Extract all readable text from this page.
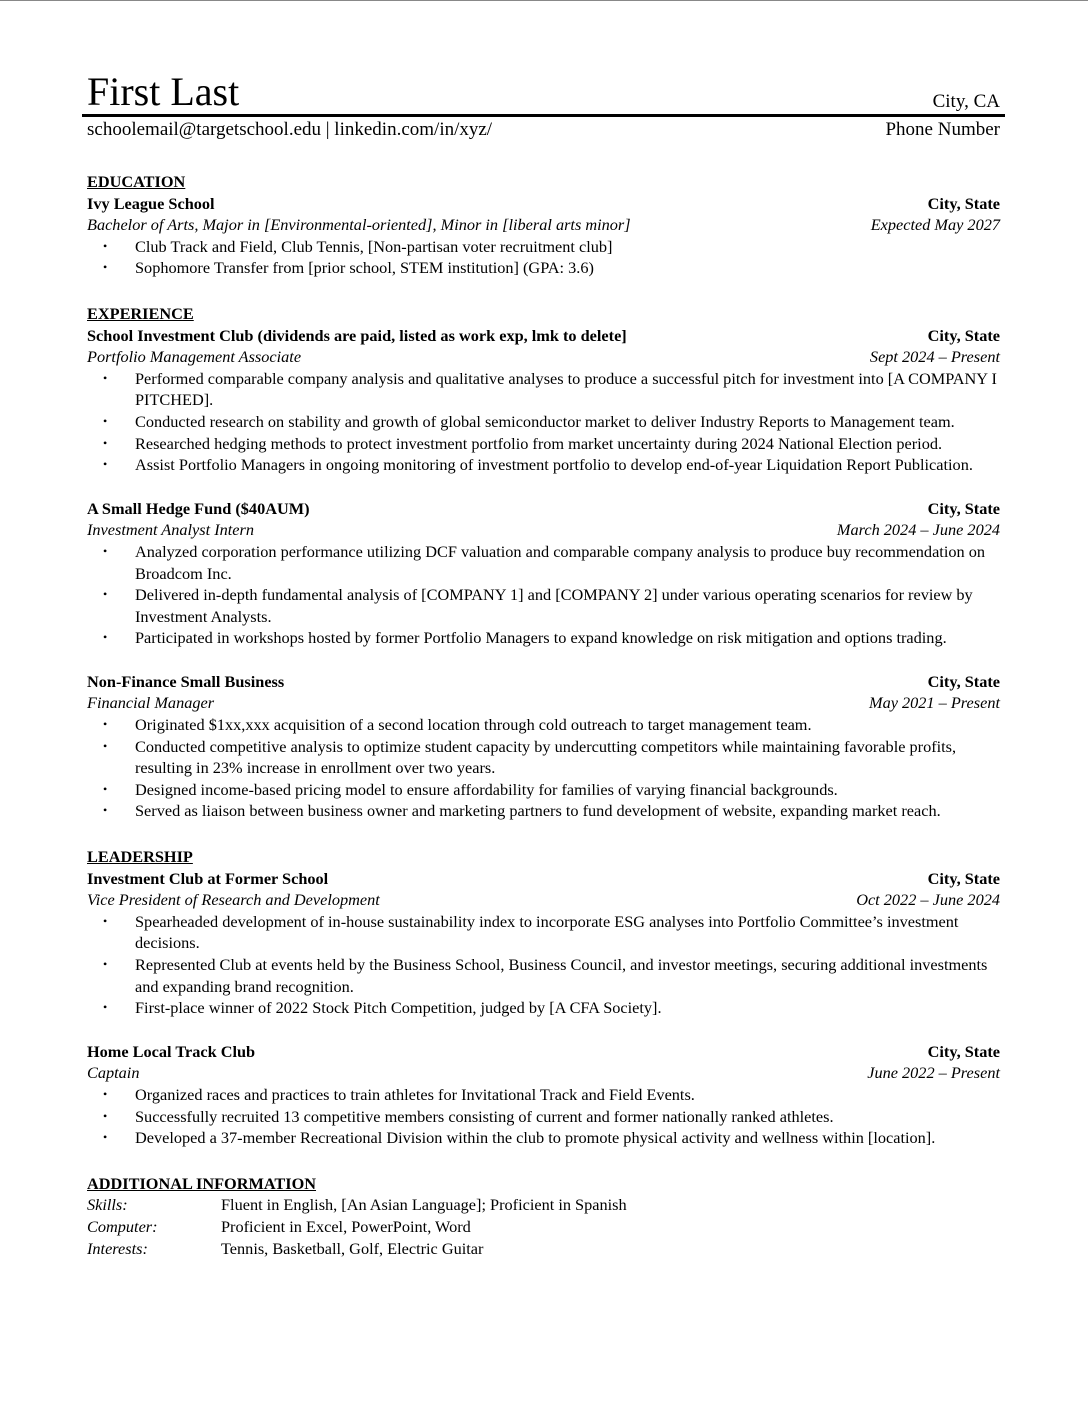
First Last	City, CA
schoolemail@targetschool.edu | linkedin.com/in/xyz/	Phone Number
EDUCATION
Ivy League School	City, State
Bachelor of Arts, Major in [Environmental-oriented], Minor in [liberal arts minor]	Expected May 2027
• Club Track and Field, Club Tennis, [Non-partisan voter recruitment club]
• Sophomore Transfer from [prior school, STEM institution] (GPA: 3.6)
EXPERIENCE
School Investment Club (dividends are paid, listed as work exp, lmk to delete]	City, State
Portfolio Management Associate	Sept 2024 – Present
• Performed comparable company analysis and qualitative analyses to produce a successful pitch for investment into [A COMPANY I PITCHED].
• Conducted research on stability and growth of global semiconductor market to deliver Industry Reports to Management team.
• Researched hedging methods to protect investment portfolio from market uncertainty during 2024 National Election period.
• Assist Portfolio Managers in ongoing monitoring of investment portfolio to develop end-of-year Liquidation Report Publication.
A Small Hedge Fund ($40AUM)	City, State
Investment Analyst Intern	March 2024 – June 2024
• Analyzed corporation performance utilizing DCF valuation and comparable company analysis to produce buy recommendation on Broadcom Inc.
• Delivered in-depth fundamental analysis of [COMPANY 1] and [COMPANY 2] under various operating scenarios for review by Investment Analysts.
• Participated in workshops hosted by former Portfolio Managers to expand knowledge on risk mitigation and options trading.
Non-Finance Small Business	City, State
Financial Manager	May 2021 – Present
• Originated $1xx,xxx acquisition of a second location through cold outreach to target management team.
• Conducted competitive analysis to optimize student capacity by undercutting competitors while maintaining favorable profits, resulting in 23% increase in enrollment over two years.
• Designed income-based pricing model to ensure affordability for families of varying financial backgrounds.
• Served as liaison between business owner and marketing partners to fund development of website, expanding market reach.
LEADERSHIP
Investment Club at Former School	City, State
Vice President of Research and Development	Oct 2022 – June 2024
• Spearheaded development of in-house sustainability index to incorporate ESG analyses into Portfolio Committee’s investment decisions.
• Represented Club at events held by the Business School, Business Council, and investor meetings, securing additional investments and expanding brand recognition.
• First-place winner of 2022 Stock Pitch Competition, judged by [A CFA Society].
Home Local Track Club	City, State
Captain	June 2022 – Present
• Organized races and practices to train athletes for Invitational Track and Field Events.
• Successfully recruited 13 competitive members consisting of current and former nationally ranked athletes.
• Developed a 37-member Recreational Division within the club to promote physical activity and wellness within [location].
ADDITIONAL INFORMATION
Skills:	Fluent in English, [An Asian Language]; Proficient in Spanish
Computer:	Proficient in Excel, PowerPoint, Word
Interests:	Tennis, Basketball, Golf, Electric Guitar
